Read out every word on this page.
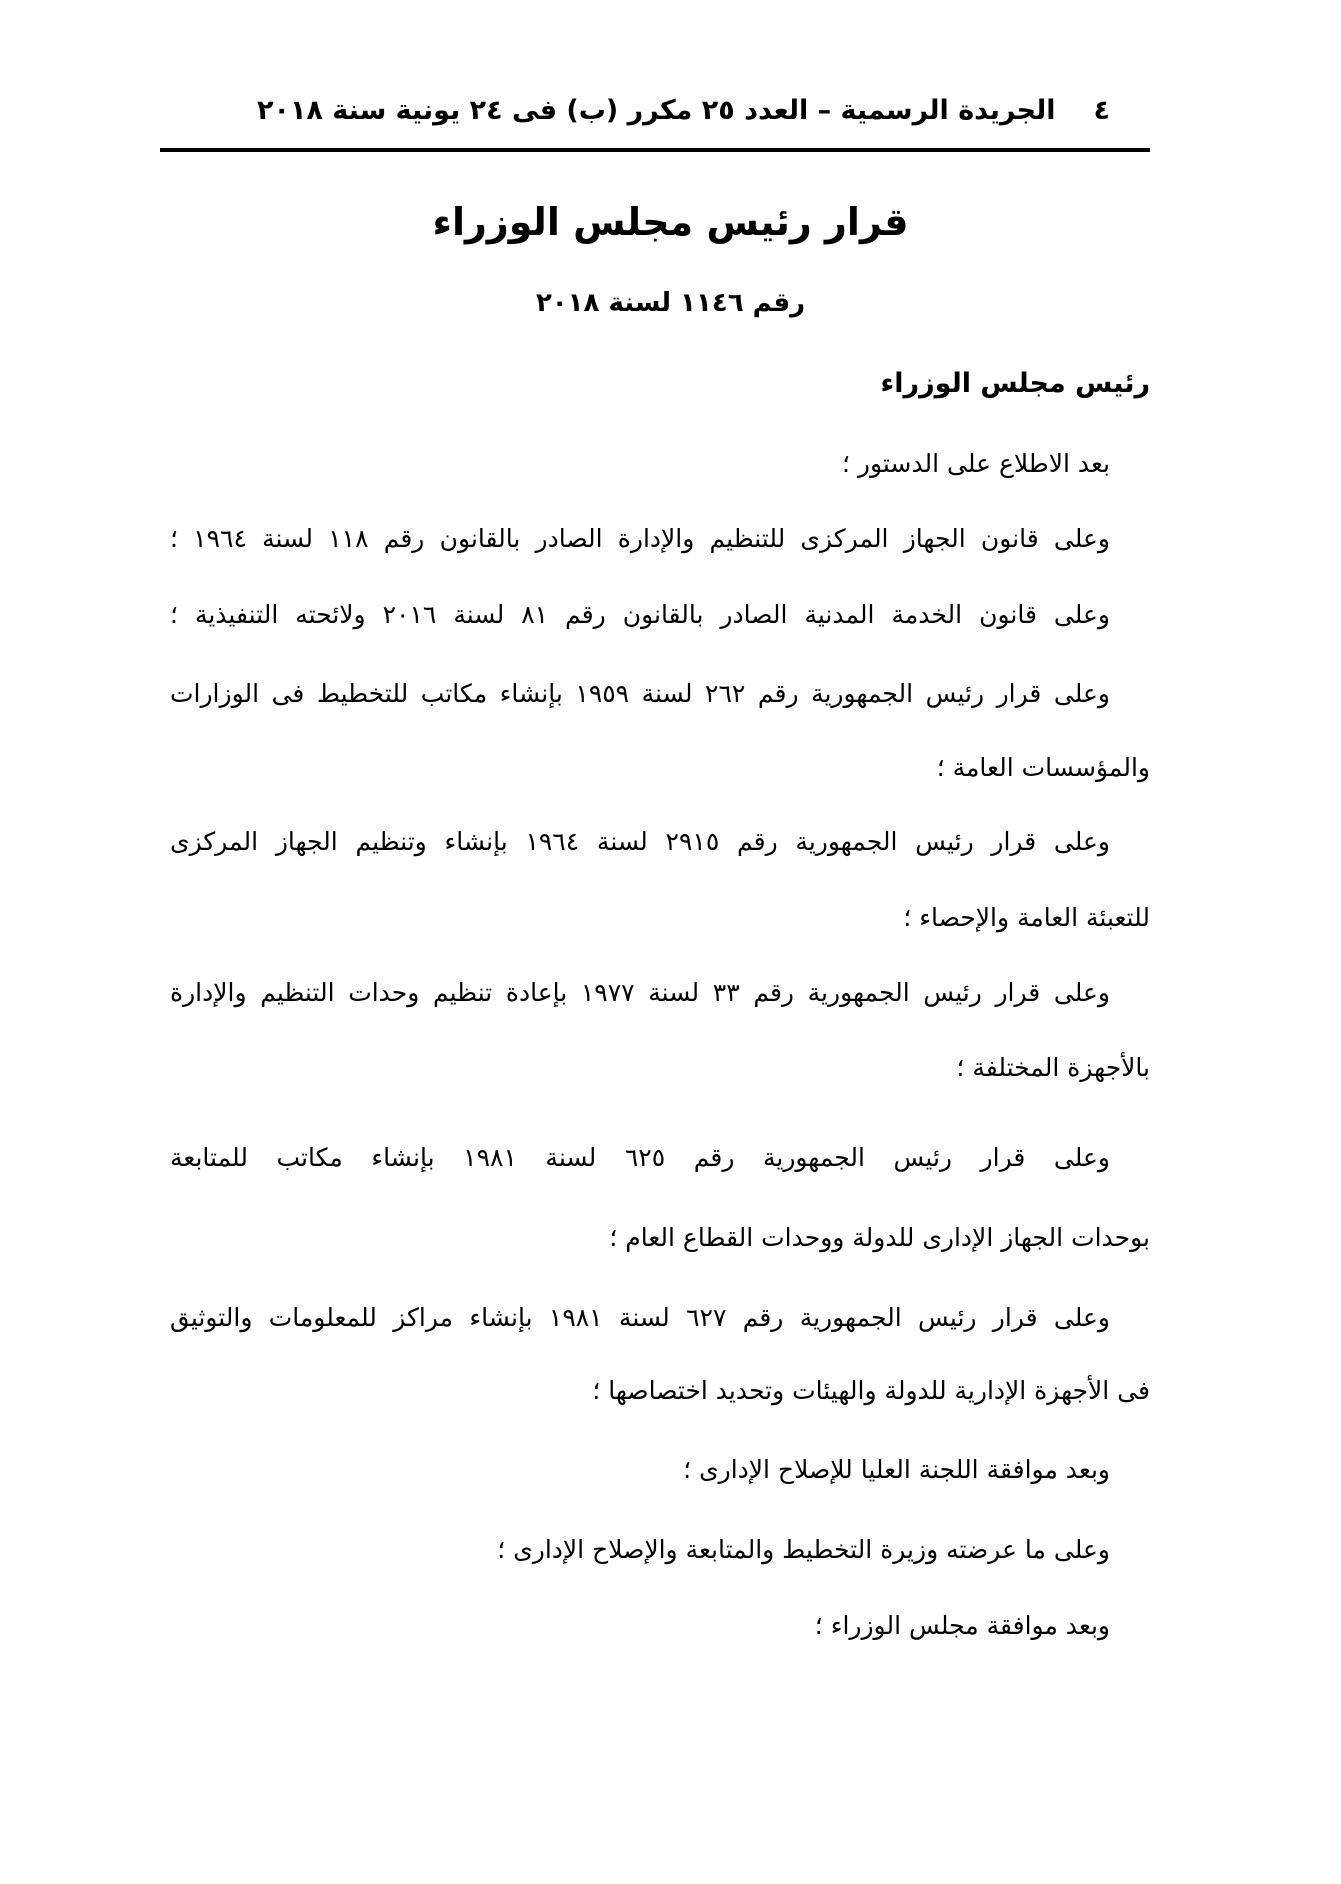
٤
الجريدة الرسمية – العدد ٢٥ مكرر (ب) فى ٢٤ يونية سنة ٢٠١٨
قرار رئيس مجلس الوزراء
رقم ١١٤٦ لسنة ٢٠١٨
رئيس مجلس الوزراء
بعد الاطلاع على الدستور ؛
وعلى قانون الجهاز المركزى للتنظيم والإدارة الصادر بالقانون رقم ١١٨ لسنة ١٩٦٤ ؛
وعلى قانون الخدمة المدنية الصادر بالقانون رقم ٨١ لسنة ٢٠١٦ ولائحته التنفيذية ؛
وعلى قرار رئيس الجمهورية رقم ٢٦٢ لسنة ١٩٥٩ بإنشاء مكاتب للتخطيط فى الوزارات
والمؤسسات العامة ؛
وعلى قرار رئيس الجمهورية رقم ٢٩١٥ لسنة ١٩٦٤ بإنشاء وتنظيم الجهاز المركزى
للتعبئة العامة والإحصاء ؛
وعلى قرار رئيس الجمهورية رقم ٣٣ لسنة ١٩٧٧ بإعادة تنظيم وحدات التنظيم والإدارة
بالأجهزة المختلفة ؛
وعلى قرار رئيس الجمهورية رقم ٦٢٥ لسنة ١٩٨١ بإنشاء مكاتب للمتابعة
بوحدات الجهاز الإدارى للدولة ووحدات القطاع العام ؛
وعلى قرار رئيس الجمهورية رقم ٦٢٧ لسنة ١٩٨١ بإنشاء مراكز للمعلومات والتوثيق
فى الأجهزة الإدارية للدولة والهيئات وتحديد اختصاصها ؛
وبعد موافقة اللجنة العليا للإصلاح الإدارى ؛
وعلى ما عرضته وزيرة التخطيط والمتابعة والإصلاح الإدارى ؛
وبعد موافقة مجلس الوزراء ؛
